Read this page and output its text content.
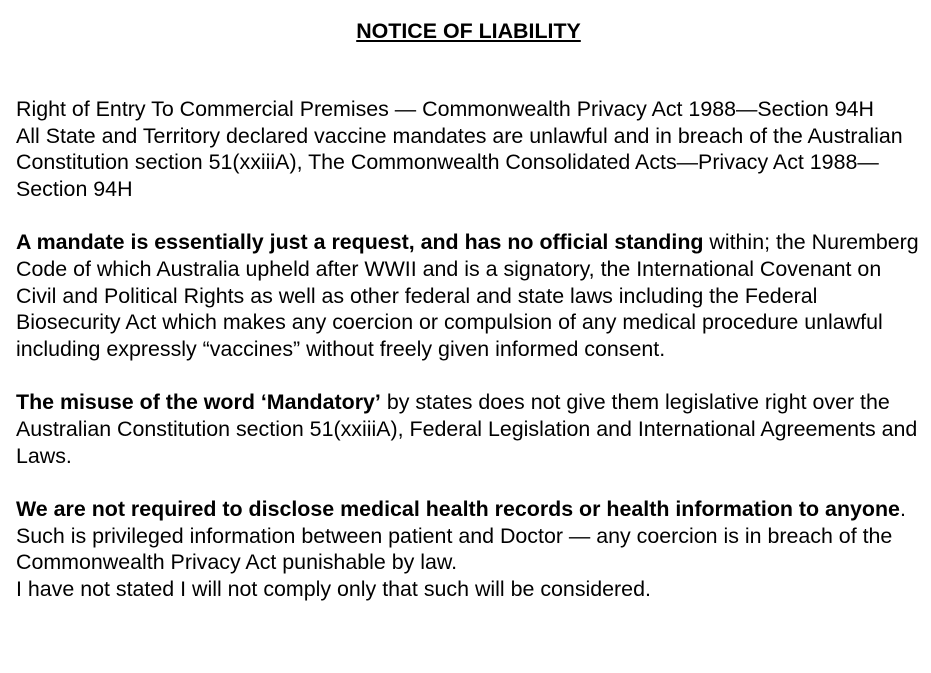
NOTICE OF LIABILITY

Right of Entry To Commercial Premises — Commonwealth Privacy Act 1988—Section 94H
All State and Territory declared vaccine mandates are unlawful and in breach of the Australian Constitution section 51(xxiiiA), The Commonwealth Consolidated Acts—Privacy Act 1988—Section 94H

A mandate is essentially just a request, and has no official standing within; the Nuremberg Code of which Australia upheld after WWII and is a signatory, the International Covenant on Civil and Political Rights as well as other federal and state laws including the Federal Biosecurity Act which makes any coercion or compulsion of any medical procedure unlawful including expressly “vaccines” without freely given informed consent.

The misuse of the word ‘Mandatory’ by states does not give them legislative right over the Australian Constitution section 51(xxiiiA), Federal Legislation and International Agreements and Laws.

We are not required to disclose medical health records or health information to anyone. Such is privileged information between patient and Doctor — any coercion is in breach of the Commonwealth Privacy Act punishable by law.
I have not stated I will not comply only that such will be considered.
